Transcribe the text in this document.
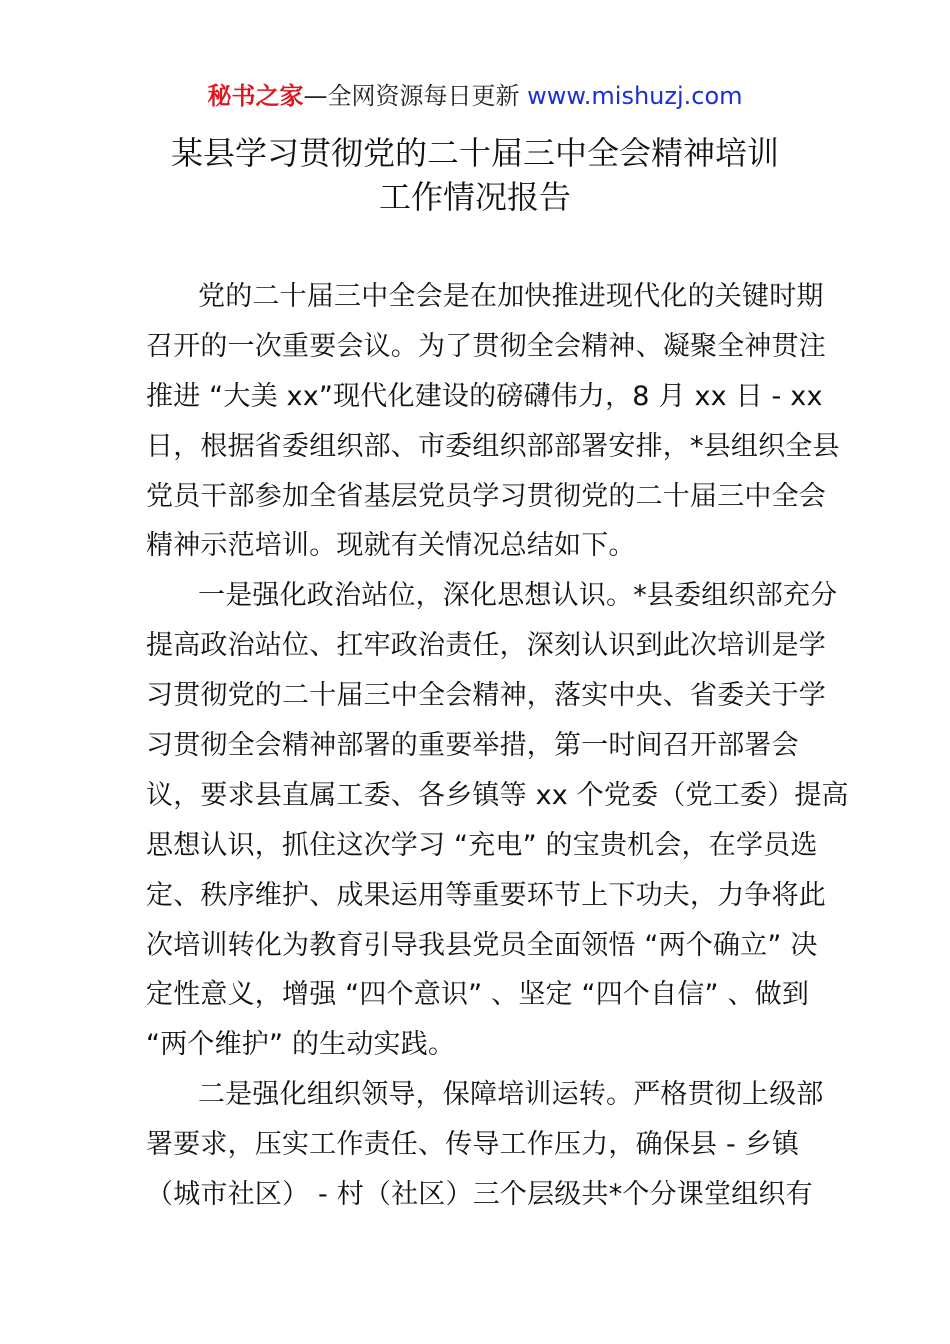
秘书之家—全网资源每日更新 www.mishuzj.com
某县学习贯彻党的二十届三中全会精神培训
工作情况报告

党的二十届三中全会是在加快推进现代化的关键时期
召开的一次重要会议。为了贯彻全会精神、凝聚全神贯注
推进 “大美 xx”现代化建设的磅礴伟力，8 月 xx 日 - xx
日，根据省委组织部、市委组织部部署安排，*县组织全县
党员干部参加全省基层党员学习贯彻党的二十届三中全会
精神示范培训。现就有关情况总结如下。

一是强化政治站位，深化思想认识。*县委组织部充分
提高政治站位、扛牢政治责任，深刻认识到此次培训是学
习贯彻党的二十届三中全会精神，落实中央、省委关于学
习贯彻全会精神部署的重要举措，第一时间召开部署会
议，要求县直属工委、各乡镇等 xx 个党委（党工委）提高
思想认识，抓住这次学习 “充电” 的宝贵机会，在学员选
定、秩序维护、成果运用等重要环节上下功夫，力争将此
次培训转化为教育引导我县党员全面领悟 “两个确立” 决
定性意义，增强 “四个意识” 、坚定 “四个自信” 、做到
“两个维护” 的生动实践。

二是强化组织领导，保障培训运转。严格贯彻上级部
署要求，压实工作责任、传导工作压力，确保县 - 乡镇
（城市社区） - 村（社区）三个层级共*个分课堂组织有
